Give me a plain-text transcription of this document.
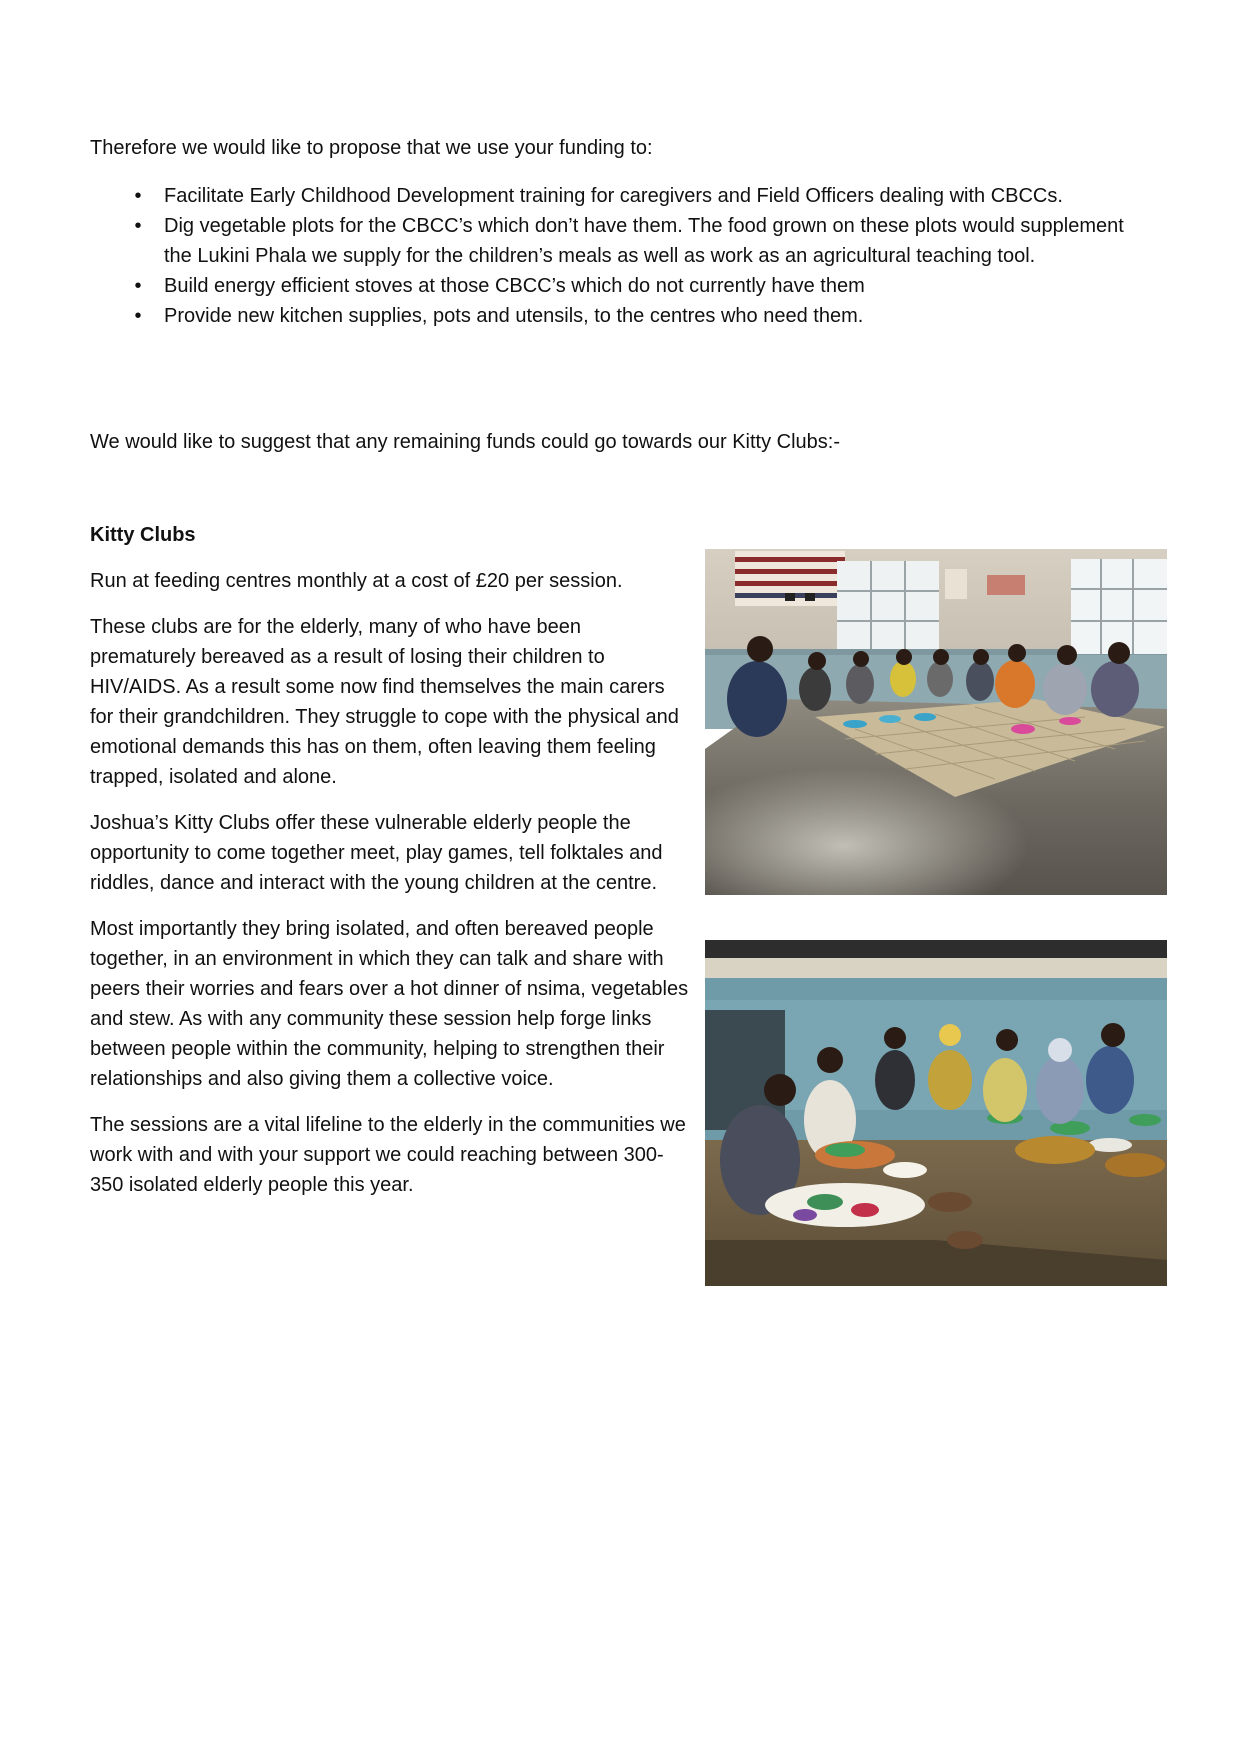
Therefore we would like to propose that we use your funding to:
•	Facilitate Early Childhood Development training for caregivers and Field Officers dealing with CBCCs.
•	Dig vegetable plots for the CBCC’s which don’t have them. The food grown on these plots would supplement the Lukini Phala we supply for the children’s meals as well as work as an agricultural teaching tool.
•	Build energy efficient stoves at those CBCC’s which do not currently have them
•	Provide new kitchen supplies, pots and utensils, to the centres who need them.
We would like to suggest that any remaining funds could go towards our Kitty Clubs:-
Kitty Clubs

Run at feeding centres monthly at a cost of £20 per session.

These clubs are for the elderly, many of who have been prematurely bereaved as a result of losing their children to HIV/AIDS. As a result some now find themselves the main carers for their grandchildren. They struggle to cope with the physical and emotional demands this has on them, often leaving them feeling trapped, isolated and alone.

Joshua’s Kitty Clubs offer these vulnerable elderly people the opportunity to come together meet, play games, tell folktales and riddles, dance and interact with the young children at the centre.

Most importantly they bring isolated, and often bereaved people together, in an environment in which they can talk and share with peers their worries and fears over a hot dinner of nsima, vegetables and stew. As with any community these session help forge links between people within the community, helping to strengthen their relationships and also giving them a collective voice.

The sessions are a vital lifeline to the elderly in the communities we work with and with your support we could reaching between 300-350 isolated elderly people this year.
